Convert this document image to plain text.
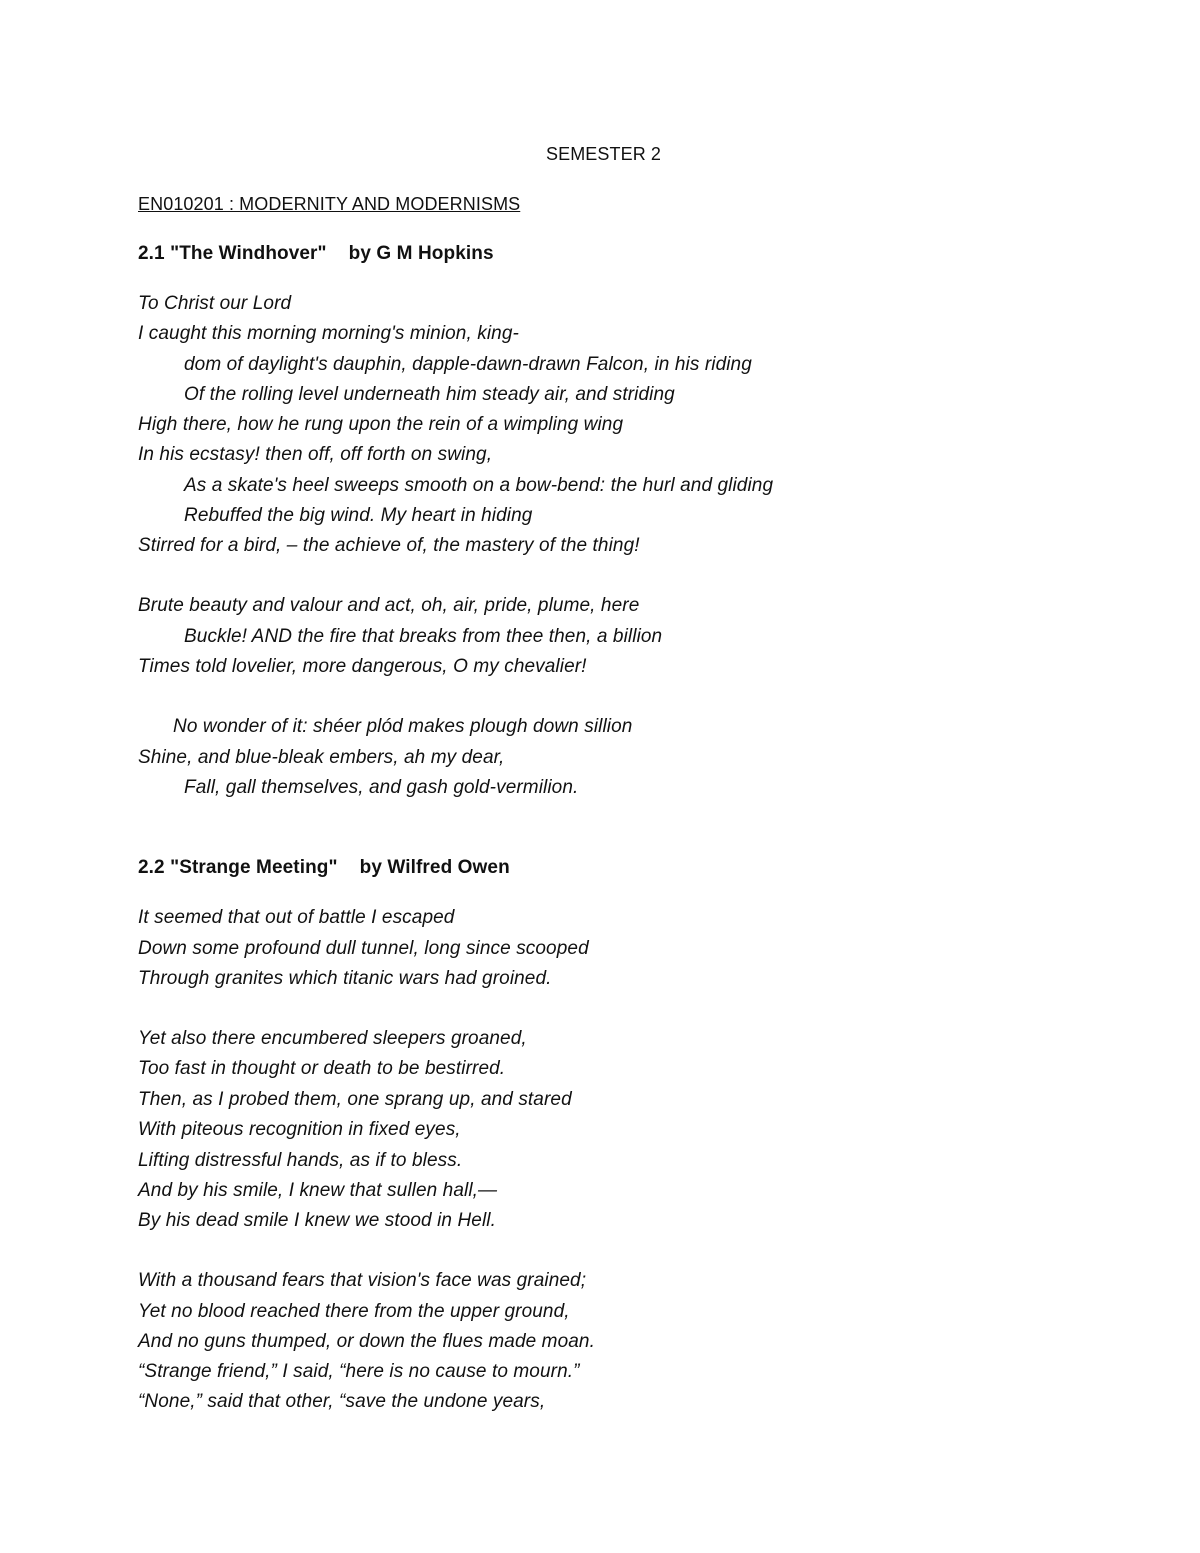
SEMESTER 2
EN010201 : MODERNITY AND MODERNISMS
2.1 "The Windhover" by G M Hopkins
To Christ our Lord
I caught this morning morning's minion, king-
dom of daylight's dauphin, dapple-dawn-drawn Falcon, in his riding
Of the rolling level underneath him steady air, and striding
High there, how he rung upon the rein of a wimpling wing
In his ecstasy! then off, off forth on swing,
As a skate's heel sweeps smooth on a bow-bend: the hurl and gliding
Rebuffed the big wind. My heart in hiding
Stirred for a bird, – the achieve of, the mastery of the thing!
Brute beauty and valour and act, oh, air, pride, plume, here
Buckle! AND the fire that breaks from thee then, a billion
Times told lovelier, more dangerous, O my chevalier!
No wonder of it: shéer plód makes plough down sillion
Shine, and blue-bleak embers, ah my dear,
Fall, gall themselves, and gash gold-vermilion.
2.2 "Strange Meeting" by Wilfred Owen
It seemed that out of battle I escaped
Down some profound dull tunnel, long since scooped
Through granites which titanic wars had groined.
Yet also there encumbered sleepers groaned,
Too fast in thought or death to be bestirred.
Then, as I probed them, one sprang up, and stared
With piteous recognition in fixed eyes,
Lifting distressful hands, as if to bless.
And by his smile, I knew that sullen hall,—
By his dead smile I knew we stood in Hell.
With a thousand fears that vision's face was grained;
Yet no blood reached there from the upper ground,
And no guns thumped, or down the flues made moan.
“Strange friend,” I said, “here is no cause to mourn.”
“None,” said that other, “save the undone years,
